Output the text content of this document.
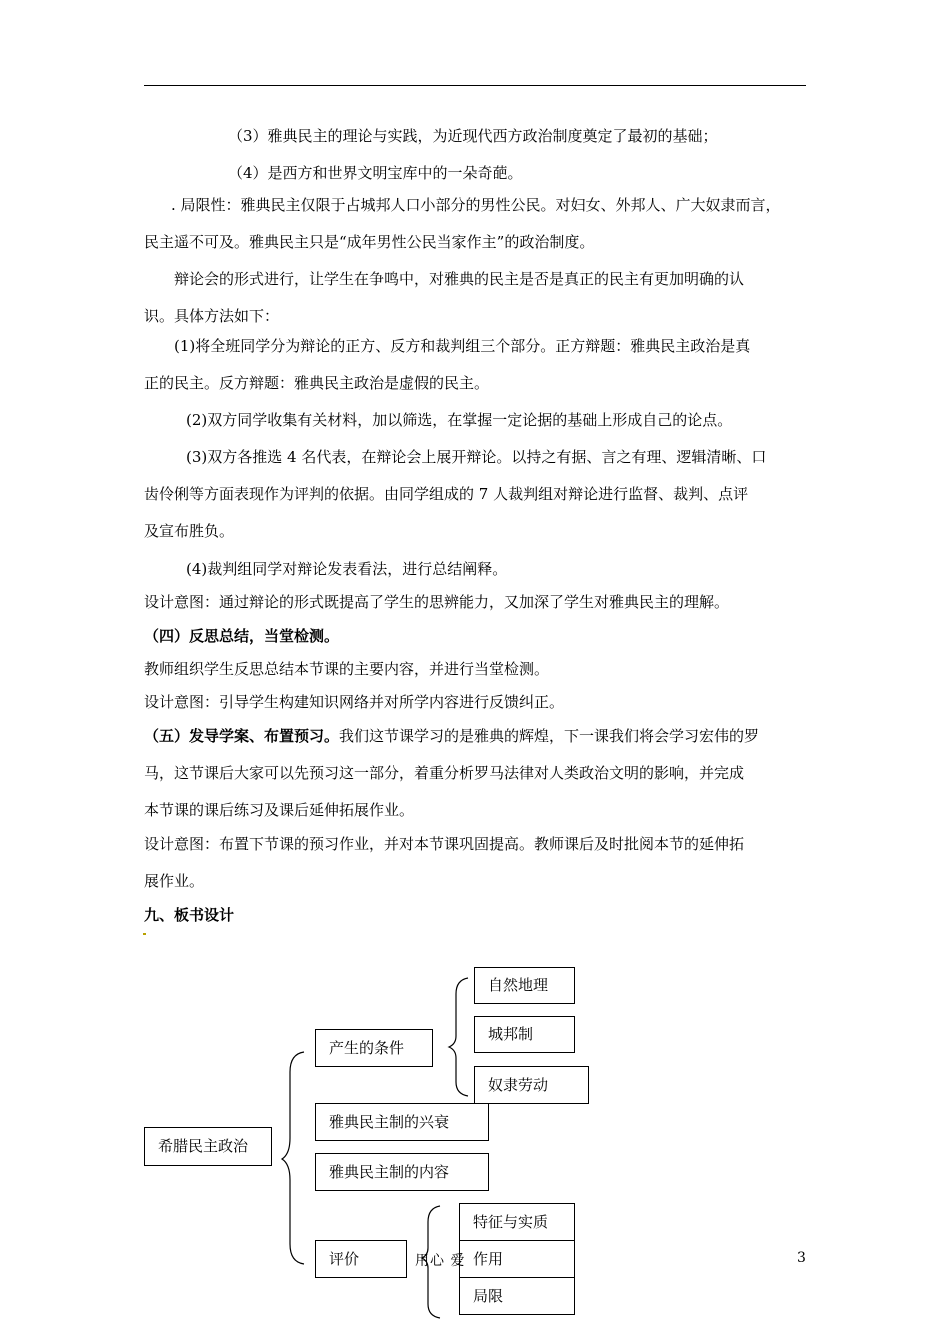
（3）雅典民主的理论与实践，为近现代西方政治制度奠定了最初的基础；

（4）是西方和世界文明宝库中的一朵奇葩。

. 局限性：雅典民主仅限于占城邦人口小部分的男性公民。对妇女、外邦人、广大奴隶而言，

民主遥不可及。雅典民主只是“成年男性公民当家作主”的政治制度。

辩论会的形式进行，让学生在争鸣中，对雅典的民主是否是真正的民主有更加明确的认

识。具体方法如下：

(1)将全班同学分为辩论的正方、反方和裁判组三个部分。正方辩题：雅典民主政治是真

正的民主。反方辩题：雅典民主政治是虚假的民主。

(2)双方同学收集有关材料，加以筛选，在掌握一定论据的基础上形成自己的论点。

(3)双方各推选 4 名代表，在辩论会上展开辩论。以持之有据、言之有理、逻辑清晰、口

齿伶俐等方面表现作为评判的依据。由同学组成的 7 人裁判组对辩论进行监督、裁判、点评

及宣布胜负。

(4)裁判组同学对辩论发表看法，进行总结阐释。

设计意图：通过辩论的形式既提高了学生的思辨能力，又加深了学生对雅典民主的理解。

（四）反思总结，当堂检测。

教师组织学生反思总结本节课的主要内容，并进行当堂检测。

设计意图：引导学生构建知识网络并对所学内容进行反馈纠正。

（五）发导学案、布置预习。我们这节课学习的是雅典的辉煌，下一课我们将会学习宏伟的罗

马，这节课后大家可以先预习这一部分，着重分析罗马法律对人类政治文明的影响，并完成

本节课的课后练习及课后延伸拓展作业。

设计意图：布置下节课的预习作业，并对本节课巩固提高。教师课后及时批阅本节的延伸拓

展作业。

九、板书设计

希腊民主政治
产生的条件
自然地理
城邦制
奴隶劳动
雅典民主制的兴衰
雅典民主制的内容
评价
特征与实质
作用
局限
用心 爱	3
